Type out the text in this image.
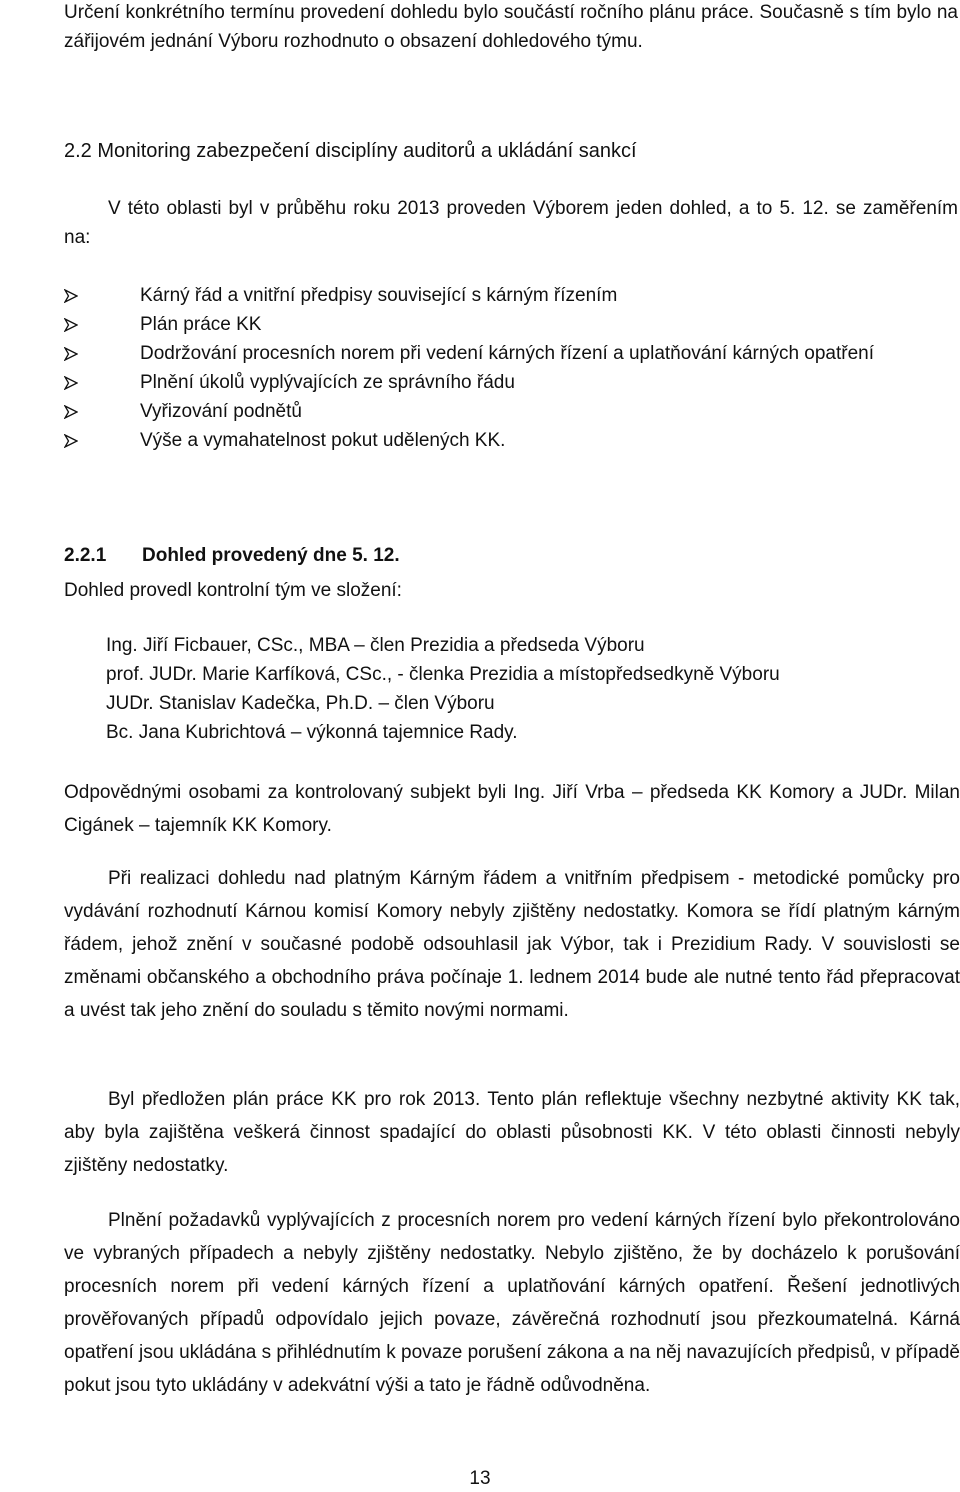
Určení konkrétního termínu provedení dohledu bylo součástí ročního plánu práce. Současně s tím bylo na zářijovém jednání Výboru rozhodnuto o obsazení dohledového týmu.

2.2 Monitoring zabezpečení disciplíny auditorů a ukládání sankcí

V této oblasti byl v průběhu roku 2013 proveden Výborem jeden dohled, a to 5. 12. se zaměřením na:

Kárný řád a vnitřní předpisy související s kárným řízením
Plán práce KK
Dodržování procesních norem při vedení kárných řízení a uplatňování kárných opatření
Plnění úkolů vyplývajících ze správního řádu
Vyřizování podnětů
Výše a vymahatelnost pokut udělených KK.
2.2.1 Dohled provedený dne 5. 12.

Dohled provedl kontrolní tým ve složení:

Ing. Jiří Ficbauer, CSc., MBA – člen Prezidia a předseda Výboru
prof. JUDr. Marie Karfíková, CSc., - členka Prezidia a místopředsedkyně Výboru
JUDr. Stanislav Kadečka, Ph.D. – člen Výboru
Bc. Jana Kubrichtová – výkonná tajemnice Rady.

Odpovědnými osobami za kontrolovaný subjekt byli Ing. Jiří Vrba – předseda KK Komory a JUDr. Milan Cigánek – tajemník KK Komory.

Při realizaci dohledu nad platným Kárným řádem a vnitřním předpisem - metodické pomůcky pro vydávání rozhodnutí Kárnou komisí Komory nebyly zjištěny nedostatky. Komora se řídí platným kárným řádem, jehož znění v současné podobě odsouhlasil jak Výbor, tak i Prezidium Rady. V souvislosti se změnami občanského a obchodního práva počínaje 1. lednem 2014 bude ale nutné tento řád přepracovat a uvést tak jeho znění do souladu s těmito novými normami.

Byl předložen plán práce KK pro rok 2013. Tento plán reflektuje všechny nezbytné aktivity KK tak, aby byla zajištěna veškerá činnost spadající do oblasti působnosti KK. V této oblasti činnosti nebyly zjištěny nedostatky.

Plnění požadavků vyplývajících z procesních norem pro vedení kárných řízení bylo překontrolováno ve vybraných případech a nebyly zjištěny nedostatky. Nebylo zjištěno, že by docházelo k porušování procesních norem při vedení kárných řízení a uplatňování kárných opatření. Řešení jednotlivých prověřovaných případů odpovídalo jejich povaze, závěrečná rozhodnutí jsou přezkoumatelná. Kárná opatření jsou ukládána s přihlédnutím k povaze porušení zákona a na něj navazujících předpisů, v případě pokut jsou tyto ukládány v adekvátní výši a tato je řádně odůvodněna.

13
